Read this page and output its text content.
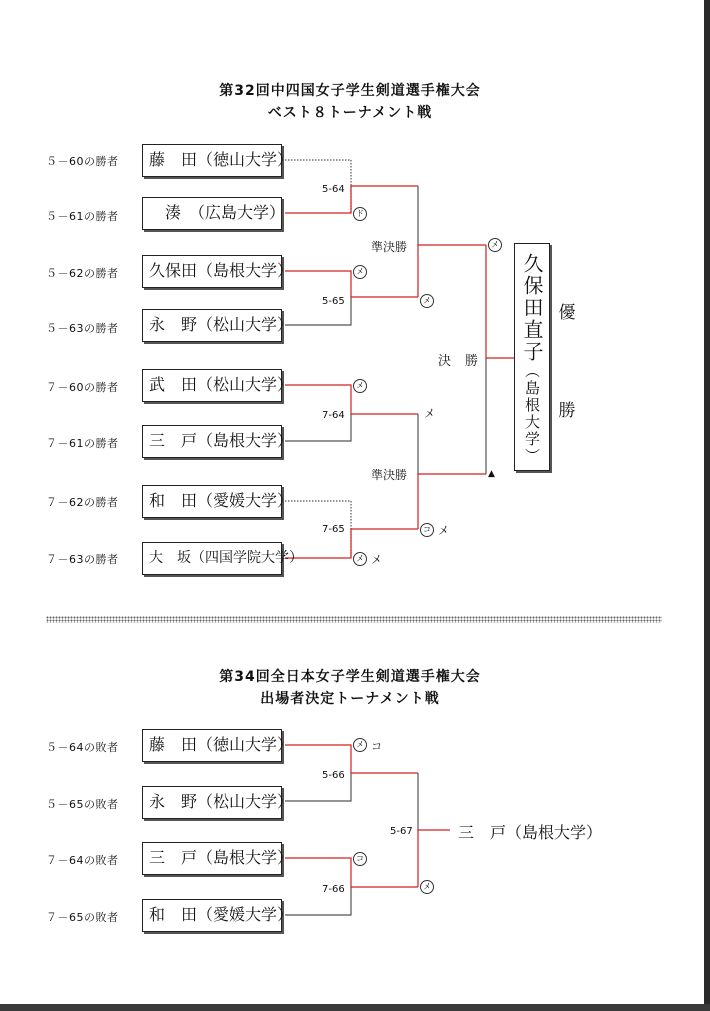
第32回中四国女子学生剣道選手権大会
ベスト８トーナメント戦
５－60の勝者
５－61の勝者
５－62の勝者
５－63の勝者
７－60の勝者
７－61の勝者
７－62の勝者
７－63の勝者
藤　田（徳山大学）
　湊　（広島大学）
久保田（島根大学）
永　野（松山大学）
武　田（松山大学）
三　戸（島根大学）
和　田（愛媛大学）
大　坂（四国学院大学）
5-64
5-65
7-64
7-65
準決勝
準決勝
決勝
ド
メ
メ
メ
メ
メ
コ メ
メ メ
▲
久保田直子（島根大学）
優
勝
第34回全日本女子学生剣道選手権大会
出場者決定トーナメント戦
５－64の敗者
５－65の敗者
７－64の敗者
７－65の敗者
藤　田（徳山大学）
永　野（松山大学）
三　戸（島根大学）
和　田（愛媛大学）
5-66
7-66
5-67
メ コ
コ
メ
三　戸（島根大学）
